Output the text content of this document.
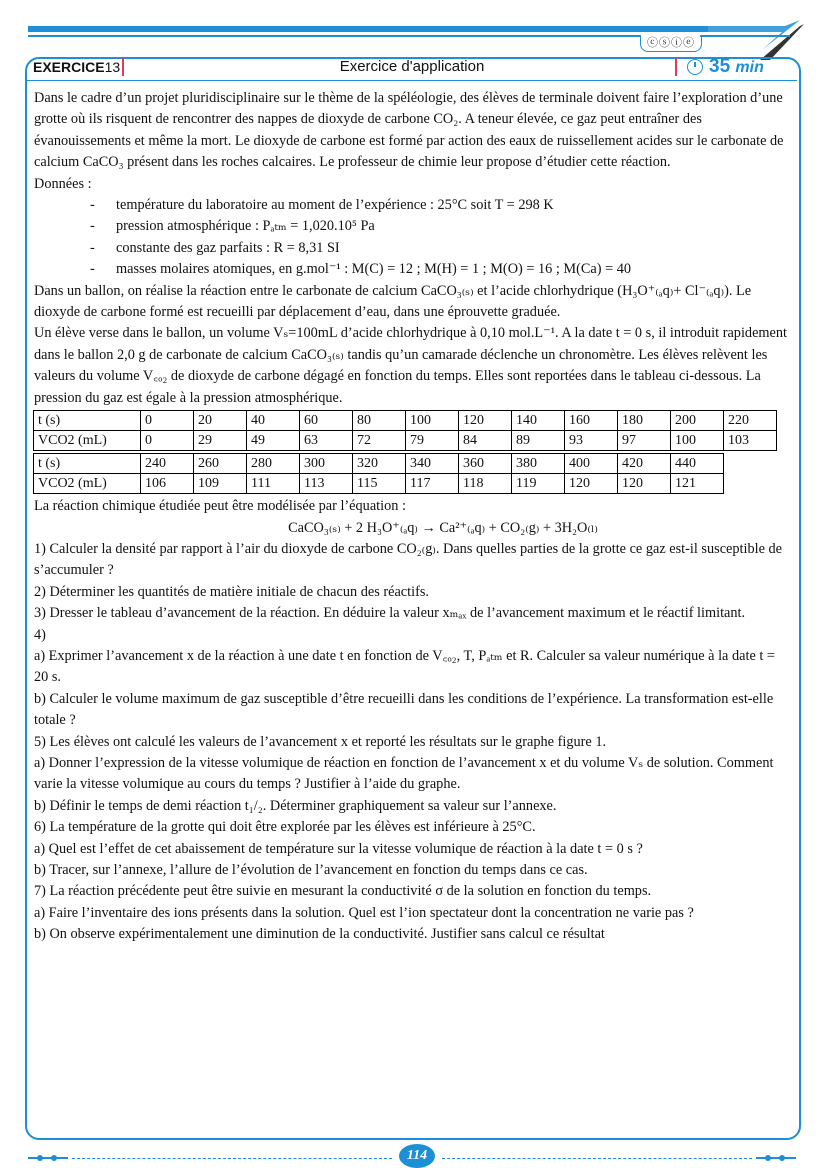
ⓒⓢⓘⓔ
EXERCICE13	Exercice d'application	35 min

Dans le cadre d’un projet pluridisciplinaire sur le thème de la spéléologie, des élèves de terminale doivent faire l’exploration d’une grotte où ils risquent de rencontrer des nappes de dioxyde de carbone CO₂. A teneur élevée, ce gaz peut entraîner des évanouissements et même la mort. Le dioxyde de carbone est formé par action des eaux de ruissellement acides sur le carbonate de calcium CaCO₃ présent dans les roches calcaires. Le professeur de chimie leur propose d’étudier cette réaction.

Données :

- température du laboratoire au moment de l’expérience : 25°C soit T = 298 K
- pression atmosphérique : Pₐₜₘ = 1,020.10⁵ Pa
- constante des gaz parfaits : R = 8,31 SI
- masses molaires atomiques, en g.mol⁻¹ : M(C) = 12 ; M(H) = 1 ; M(O) = 16 ; M(Ca) = 40

Dans un ballon, on réalise la réaction entre le carbonate de calcium CaCO₃₍ₛ₎ et l’acide chlorhydrique (H₃O⁺₍ₐq₎+ Cl⁻₍ₐq₎). Le dioxyde de carbone formé est recueilli par déplacement d’eau, dans une éprouvette graduée.

Un élève verse dans le ballon, un volume Vₛ=100mL d’acide chlorhydrique à 0,10 mol.L⁻¹. A la date t = 0 s, il introduit rapidement dans le ballon 2,0 g de carbonate de calcium CaCO₃₍ₛ₎ tandis qu’un camarade déclenche un chronomètre. Les élèves relèvent les valeurs du volume V꜀ₒ₂ de dioxyde de carbone dégagé en fonction du temps. Elles sont reportées dans le tableau ci-dessous. La pression du gaz est égale à la pression atmosphérique.

t (s)	0	20	40	60	80	100	120	140	160	180	200	220
VCO2 (mL)	0	29	49	63	72	79	84	89	93	97	100	103
t (s)	240	260	280	300	320	340	360	380	400	420	440
VCO2 (mL)	106	109	111	113	115	117	118	119	120	120	121

La réaction chimique étudiée peut être modélisée par l’équation :

CaCO₃₍ₛ₎ + 2 H₃O⁺₍ₐq₎ → Ca²⁺₍ₐq₎ + CO₂₍g₎ + 3H₂O₍ₗ₎

1) Calculer la densité par rapport à l’air du dioxyde de carbone CO₂₍g₎. Dans quelles parties de la grotte ce gaz est-il susceptible de s’accumuler ?

2) Déterminer les quantités de matière initiale de chacun des réactifs.

3) Dresser le tableau d’avancement de la réaction. En déduire la valeur xₘₐₓ de l’avancement maximum et le réactif limitant.

4)

a) Exprimer l’avancement x de la réaction à une date t en fonction de V꜀ₒ₂, T, Pₐₜₘ et R. Calculer sa valeur numérique à la date t = 20 s.

b) Calculer le volume maximum de gaz susceptible d’être recueilli dans les conditions de l’expérience. La transformation est-elle totale ?

5) Les élèves ont calculé les valeurs de l’avancement x et reporté les résultats sur le graphe figure 1.

a) Donner l’expression de la vitesse volumique de réaction en fonction de l’avancement x et du volume Vₛ de solution. Comment varie la vitesse volumique au cours du temps ? Justifier à l’aide du graphe.

b) Définir le temps de demi réaction t₁/₂. Déterminer graphiquement sa valeur sur l’annexe.

6) La température de la grotte qui doit être explorée par les élèves est inférieure à 25°C.

a) Quel est l’effet de cet abaissement de température sur la vitesse volumique de réaction à la date t = 0 s ?

b) Tracer, sur l’annexe, l’allure de l’évolution de l’avancement en fonction du temps dans ce cas.

7) La réaction précédente peut être suivie en mesurant la conductivité σ de la solution en fonction du temps.

a) Faire l’inventaire des ions présents dans la solution. Quel est l’ion spectateur dont la concentration ne varie pas ?

b) On observe expérimentalement une diminution de la conductivité. Justifier sans calcul ce résultat

114
